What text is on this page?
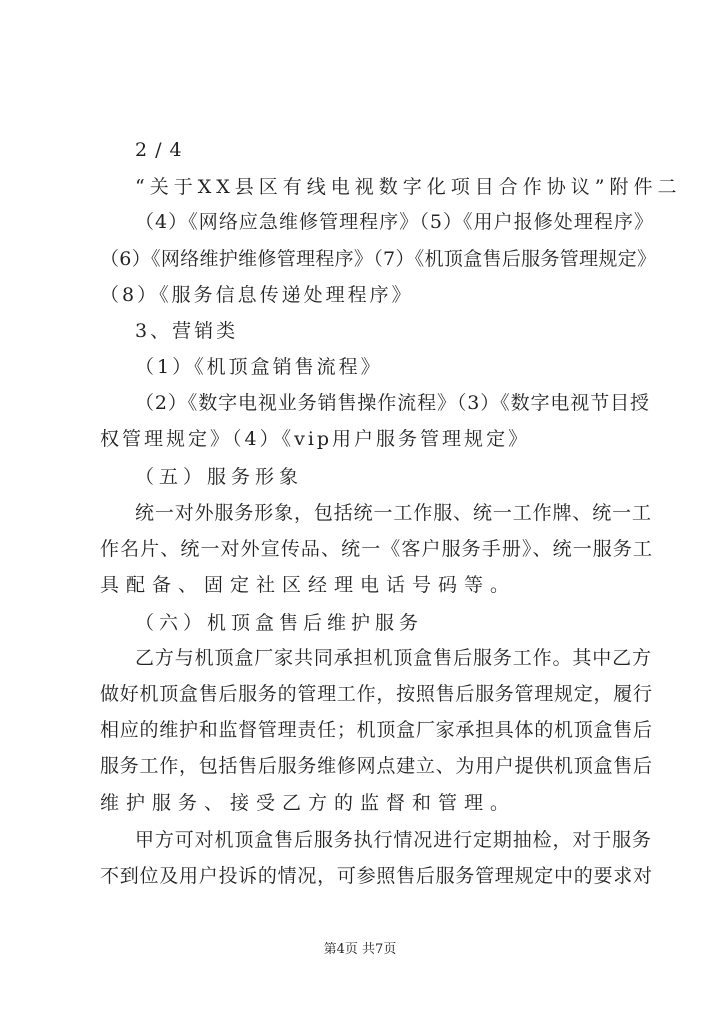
2/4
“关于XX县区有线电视数字化项目合作协议”附件二
（4）《网络应急维修管理程序》（5）《用户报修处理程序》
（6）《网络维护维修管理程序》（7）《机顶盒售后服务管理规定》
（8）《服务信息传递处理程序》
3、营销类
（1）《机顶盒销售流程》
（2）《数字电视业务销售操作流程》（3）《数字电视节目授
权管理规定》（4）《vip用户服务管理规定》
（五）服务形象
统一对外服务形象，包括统一工作服、统一工作牌、统一工
作名片、统一对外宣传品、统一《客户服务手册》、统一服务工
具配备、固定社区经理电话号码等。
（六）机顶盒售后维护服务
乙方与机顶盒厂家共同承担机顶盒售后服务工作。其中乙方
做好机顶盒售后服务的管理工作，按照售后服务管理规定，履行
相应的维护和监督管理责任；机顶盒厂家承担具体的机顶盒售后
服务工作，包括售后服务维修网点建立、为用户提供机顶盒售后
维护服务、接受乙方的监督和管理。
甲方可对机顶盒售后服务执行情况进行定期抽检，对于服务
不到位及用户投诉的情况，可参照售后服务管理规定中的要求对
第4页 共7页
